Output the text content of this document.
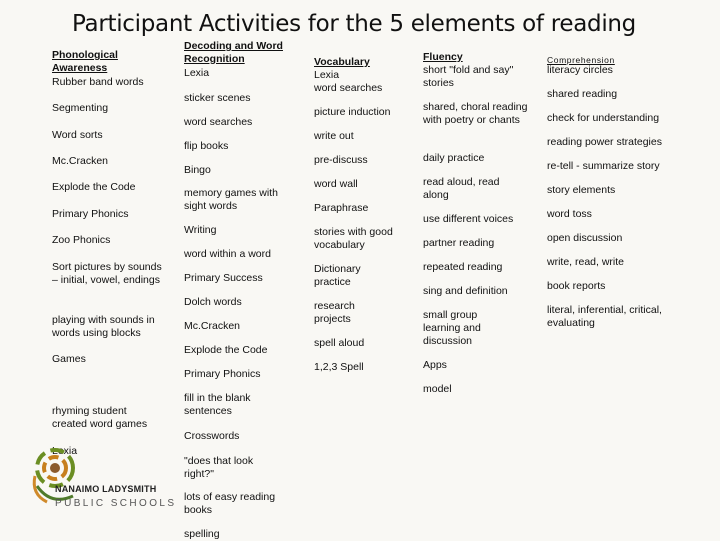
Participant Activities for the 5 elements of reading
Phonological Awareness
Rubber band words
Segmenting
Word sorts
Mc.Cracken
Explode the Code
Primary Phonics
Zoo Phonics
Sort pictures by sounds – initial, vowel, endings
playing with sounds in words using blocks
Games
rhyming student created word games
Lexia
Decoding and Word Recognition
Lexia
sticker scenes
word searches
flip books
Bingo
memory games with sight words
Writing
word within a word
Primary Success
Dolch words
Mc.Cracken
Explode the Code
Primary Phonics
fill in the blank sentences
Crosswords
"does that look right?"
lots of easy reading books
spelling
Vocabulary
Lexia
word searches
picture induction
write out
pre-discuss
word wall
Paraphrase
stories with good vocabulary
Dictionary practice
research projects
spell aloud
1,2,3 Spell
Fluency
short "fold and say" stories
shared, choral reading with poetry or chants
daily practice
read aloud, read along
use different voices
partner reading
repeated reading
sing and definition
small group learning and discussion
Apps
model
Comprehension
literacy circles
shared reading
check for understanding
reading power strategies
re-tell - summarize story
story elements
word toss
open discussion
write, read, write
book reports
literal, inferential, critical, evaluating
NANAIMO LADYSMITH
PUBLIC SCHOOLS
